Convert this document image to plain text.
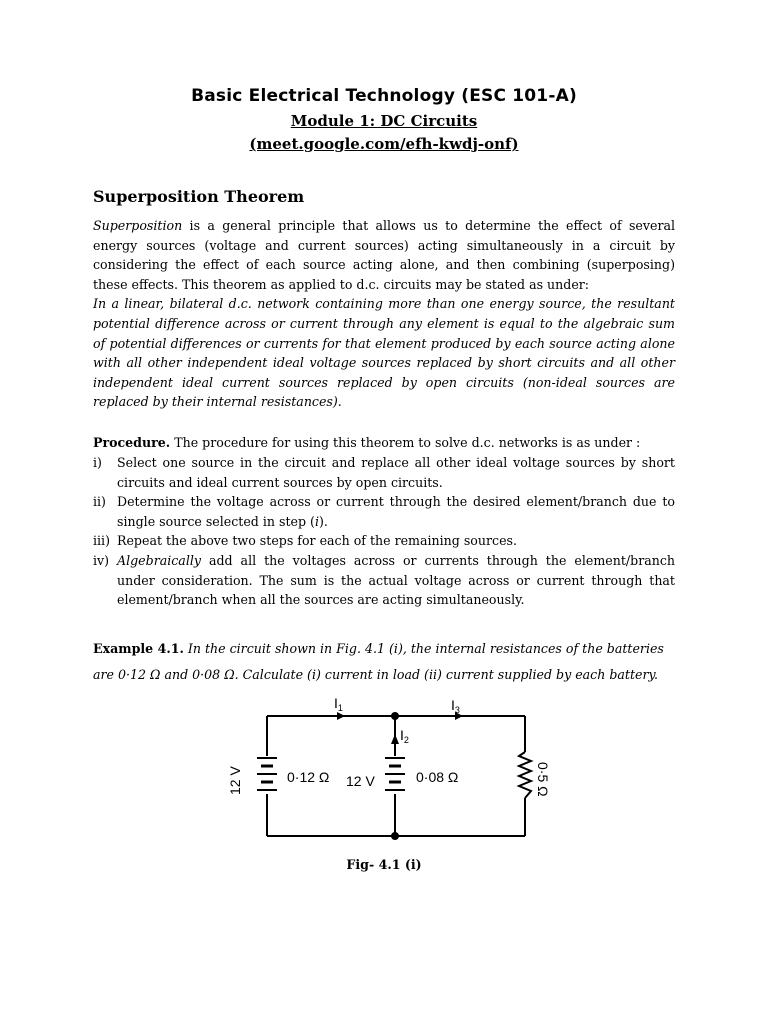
Basic Electrical Technology (ESC 101-A)
Module 1: DC Circuits
(meet.google.com/efh-kwdj-onf)
Superposition Theorem
Superposition is a general principle that allows us to determine the effect of several energy sources (voltage and current sources) acting simultaneously in a circuit by considering the effect of each source acting alone, and then combining (superposing) these effects. This theorem as applied to d.c. circuits may be stated as under:
In a linear, bilateral d.c. network containing more than one energy source, the resultant potential difference across or current through any element is equal to the algebraic sum of potential differences or currents for that element produced by each source acting alone with all other independent ideal voltage sources replaced by short circuits and all other independent ideal current sources replaced by open circuits (non-ideal sources are replaced by their internal resistances).
Procedure. The procedure for using this theorem to solve d.c. networks is as under :
i) Select one source in the circuit and replace all other ideal voltage sources by short circuits and ideal current sources by open circuits.
ii) Determine the voltage across or current through the desired element/branch due to single source selected in step (i).
iii) Repeat the above two steps for each of the remaining sources.
iv) Algebraically add all the voltages across or currents through the element/branch under consideration. The sum is the actual voltage across or current through that element/branch when all the sources are acting simultaneously.
Example 4.1. In the circuit shown in Fig. 4.1 (i), the internal resistances of the batteries are 0·12 Ω and 0·08 Ω. Calculate (i) current in load (ii) current supplied by each battery.
$I_1$	$I_3$
$I_2$
12 V	0·12 Ω 12 V	0·08 Ω	0·5 Ω
Fig- 4.1 (i)
